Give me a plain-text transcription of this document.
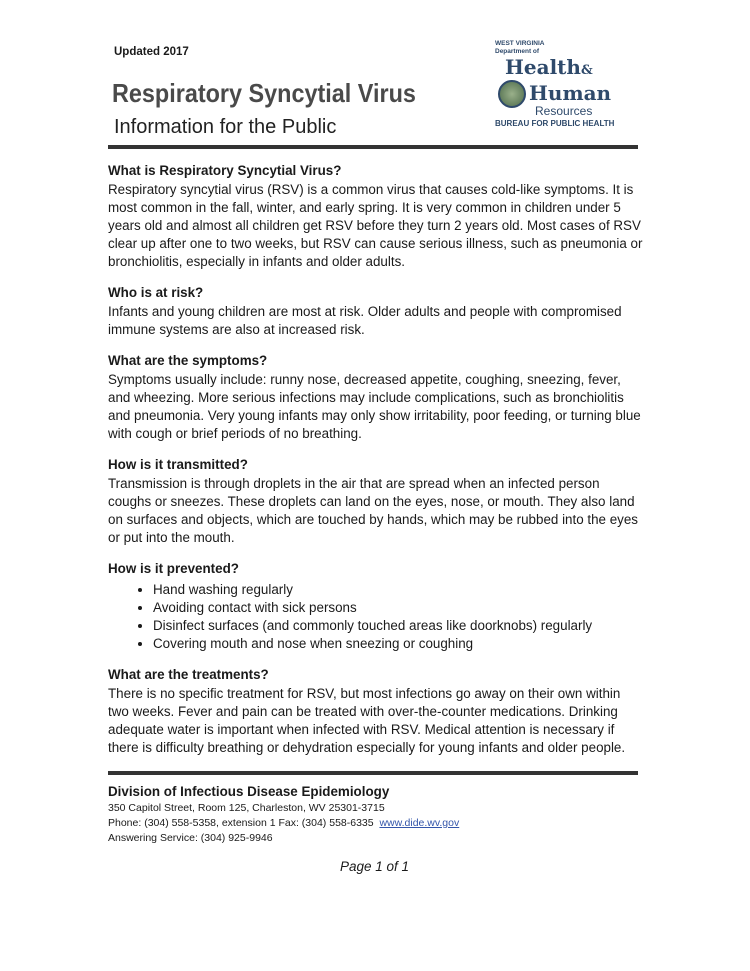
Updated 2017
Respiratory Syncytial Virus
Information for the Public
WEST VIRGINIA
Department of
Health&
Human
Resources
BUREAU FOR PUBLIC HEALTH
What is Respiratory Syncytial Virus?

Respiratory syncytial virus (RSV) is a common virus that causes cold-like symptoms. It is most common in the fall, winter, and early spring. It is very common in children under 5 years old and almost all children get RSV before they turn 2 years old. Most cases of RSV clear up after one to two weeks, but RSV can cause serious illness, such as pneumonia or bronchiolitis, especially in infants and older adults.

Who is at risk?

Infants and young children are most at risk. Older adults and people with compromised immune systems are also at increased risk.

What are the symptoms?

Symptoms usually include: runny nose, decreased appetite, coughing, sneezing, fever, and wheezing. More serious infections may include complications, such as bronchiolitis and pneumonia. Very young infants may only show irritability, poor feeding, or turning blue with cough or brief periods of no breathing.

How is it transmitted?

Transmission is through droplets in the air that are spread when an infected person coughs or sneezes. These droplets can land on the eyes, nose, or mouth. They also land on surfaces and objects, which are touched by hands, which may be rubbed into the eyes or put into the mouth.

How is it prevented?
• Hand washing regularly
• Avoiding contact with sick persons
• Disinfect surfaces (and commonly touched areas like doorknobs) regularly
• Covering mouth and nose when sneezing or coughing
What are the treatments?

There is no specific treatment for RSV, but most infections go away on their own within two weeks. Fever and pain can be treated with over-the-counter medications. Drinking adequate water is important when infected with RSV. Medical attention is necessary if there is difficulty breathing or dehydration especially for young infants and older people.

Division of Infectious Disease Epidemiology
350 Capitol Street, Room 125, Charleston, WV 25301-3715
Phone: (304) 558-5358, extension 1 Fax: (304) 558-6335 www.dide.wv.gov
Answering Service: (304) 925-9946
Page 1 of 1
